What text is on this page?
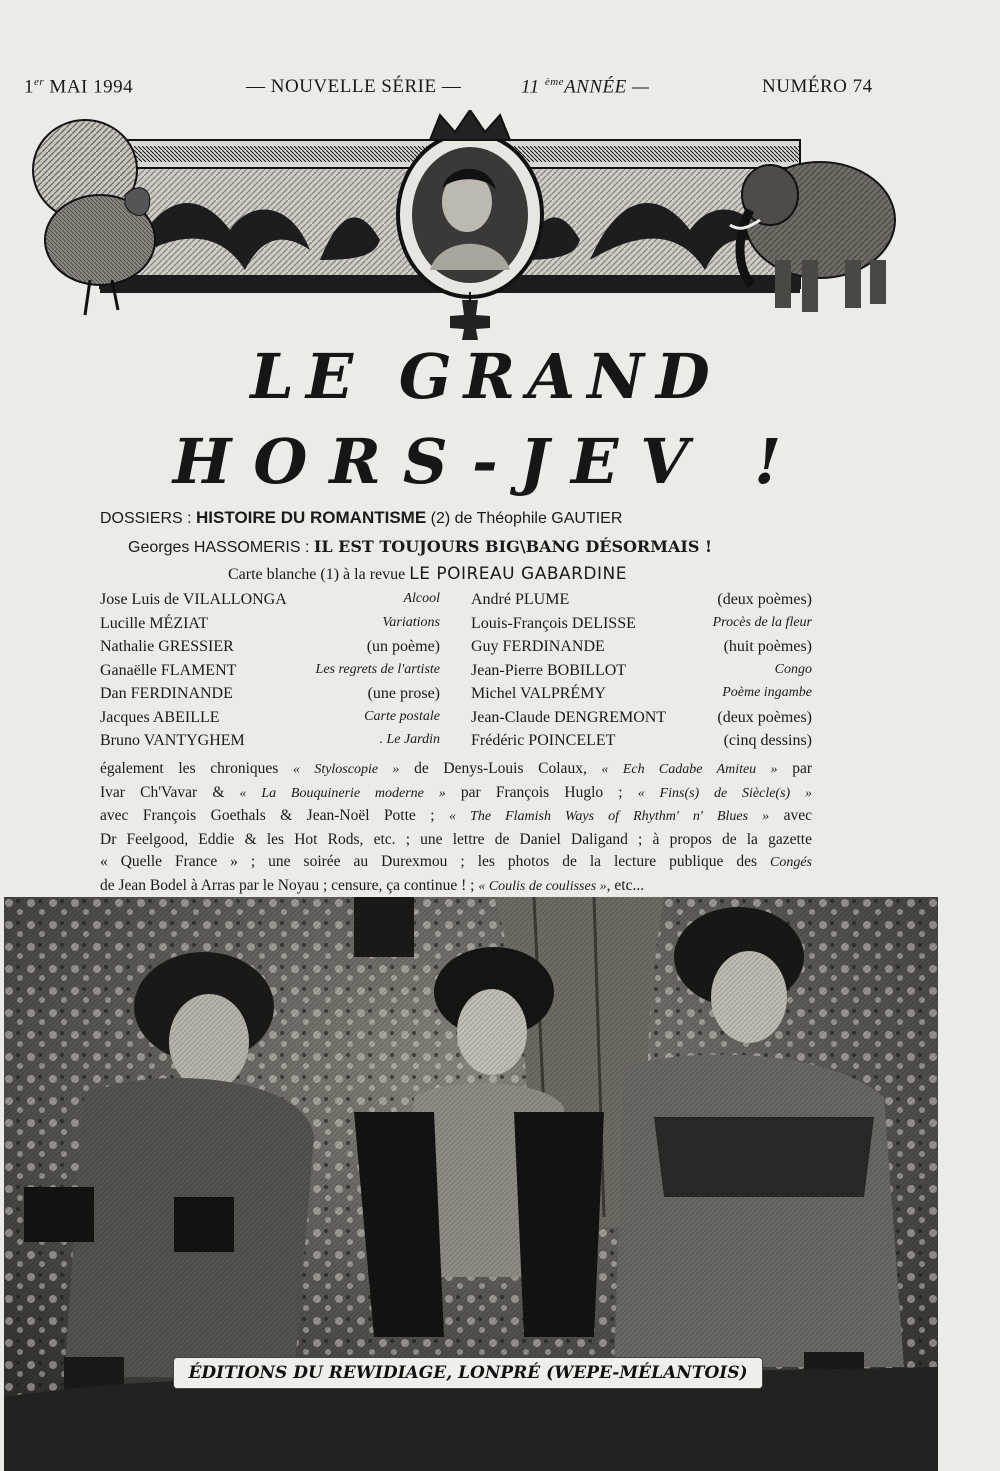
1er MAI 1994	— NOUVELLE SÉRIE —	11 $^{ème}$ANNÉE —	NUMÉRO 74
LE GRAND
HORS-JEV !
DOSSIERS : HISTOIRE DU ROMANTISME (2) de Théophile GAUTIER
Georges HASSOMERIS : IL EST TOUJOURS BIG\BANG DÉSORMAIS !
Carte blanche (1) à la revue LE POIREAU GABARDINE
Jose Luis de VILALLONGA	Alcool
Lucille MÉZIAT	Variations
Nathalie GRESSIER	(un poème)
Ganaëlle FLAMENT	Les regrets de l'artiste
Dan FERDINANDE	(une prose)
Jacques ABEILLE	Carte postale
Bruno VANTYGHEM	. Le Jardin
André PLUME	(deux poèmes)
Louis-François DELISSE	Procès de la fleur
Guy FERDINANDE	(huit poèmes)
Jean-Pierre BOBILLOT	Congo
Michel VALPRÉMY	Poème ingambe
Jean-Claude DENGREMONT	(deux poèmes)
Frédéric POINCELET	(cinq dessins)
également les chroniques « Styloscopie » de Denys-Louis Colaux, « Ech Cadabe Amiteu » par
Ivar Ch'Vavar & « La Bouquinerie moderne » par François Huglo ; « Fins(s) de Siècle(s) »
avec François Goethals & Jean-Noël Potte ; « The Flamish Ways of Rhythm' n' Blues » avec
Dr Feelgood, Eddie & les Hot Rods, etc. ; une lettre de Daniel Daligand ; à propos de la gazette
« Quelle France » ; une soirée au Durexmou ; les photos de la lecture publique des Congés
de Jean Bodel à Arras par le Noyau ; censure, ça continue ! ; « Coulis de coulisses », etc...
ÉDITIONS DU REWIDIAGE, LONPRÉ (WEPE-MÉLANTOIS)
